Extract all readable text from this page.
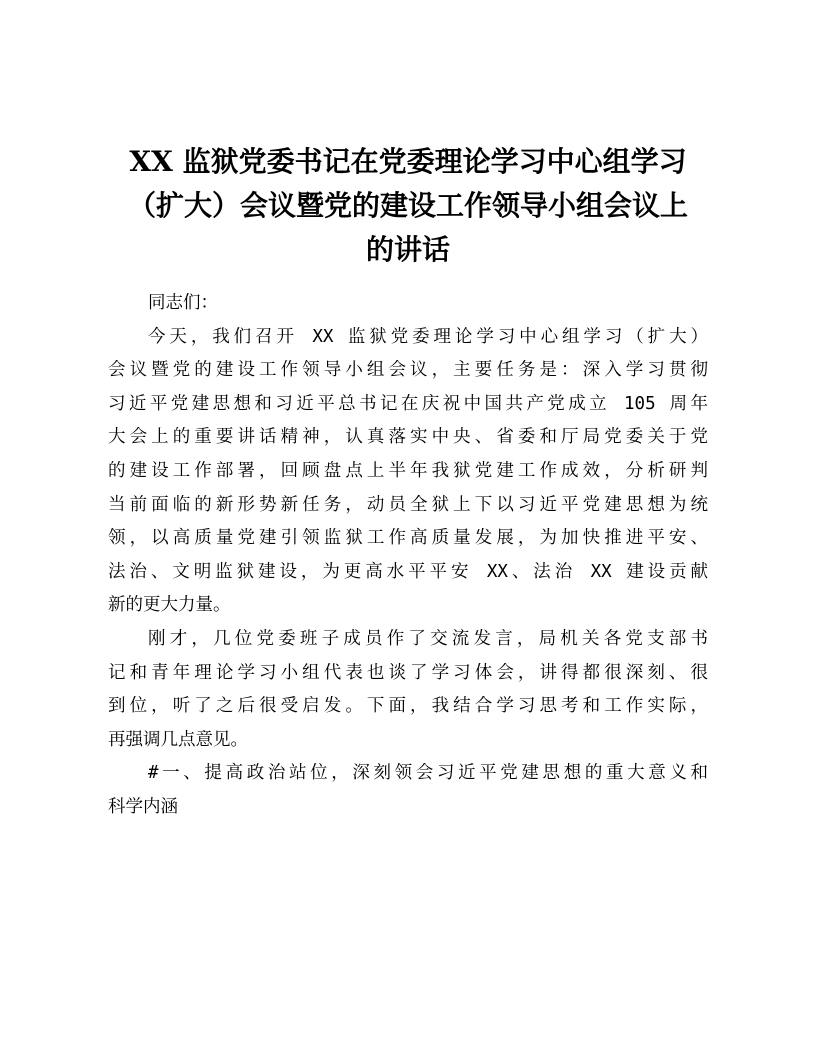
XX 监狱党委书记在党委理论学习中心组学习
（扩大）会议暨党的建设工作领导小组会议上
的讲话
同志们：
今天，我们召开 XX 监狱党委理论学习中心组学习（扩大）
会议暨党的建设工作领导小组会议，主要任务是：深入学习贯彻
习近平党建思想和习近平总书记在庆祝中国共产党成立 105 周年
大会上的重要讲话精神，认真落实中央、省委和厅局党委关于党
的建设工作部署，回顾盘点上半年我狱党建工作成效，分析研判
当前面临的新形势新任务，动员全狱上下以习近平党建思想为统
领，以高质量党建引领监狱工作高质量发展，为加快推进平安、
法治、文明监狱建设，为更高水平平安 XX、法治 XX 建设贡献
新的更大力量。
刚才，几位党委班子成员作了交流发言，局机关各党支部书
记和青年理论学习小组代表也谈了学习体会，讲得都很深刻、很
到位，听了之后很受启发。下面，我结合学习思考和工作实际，
再强调几点意见。
#一、提高政治站位，深刻领会习近平党建思想的重大意义和
科学内涵
